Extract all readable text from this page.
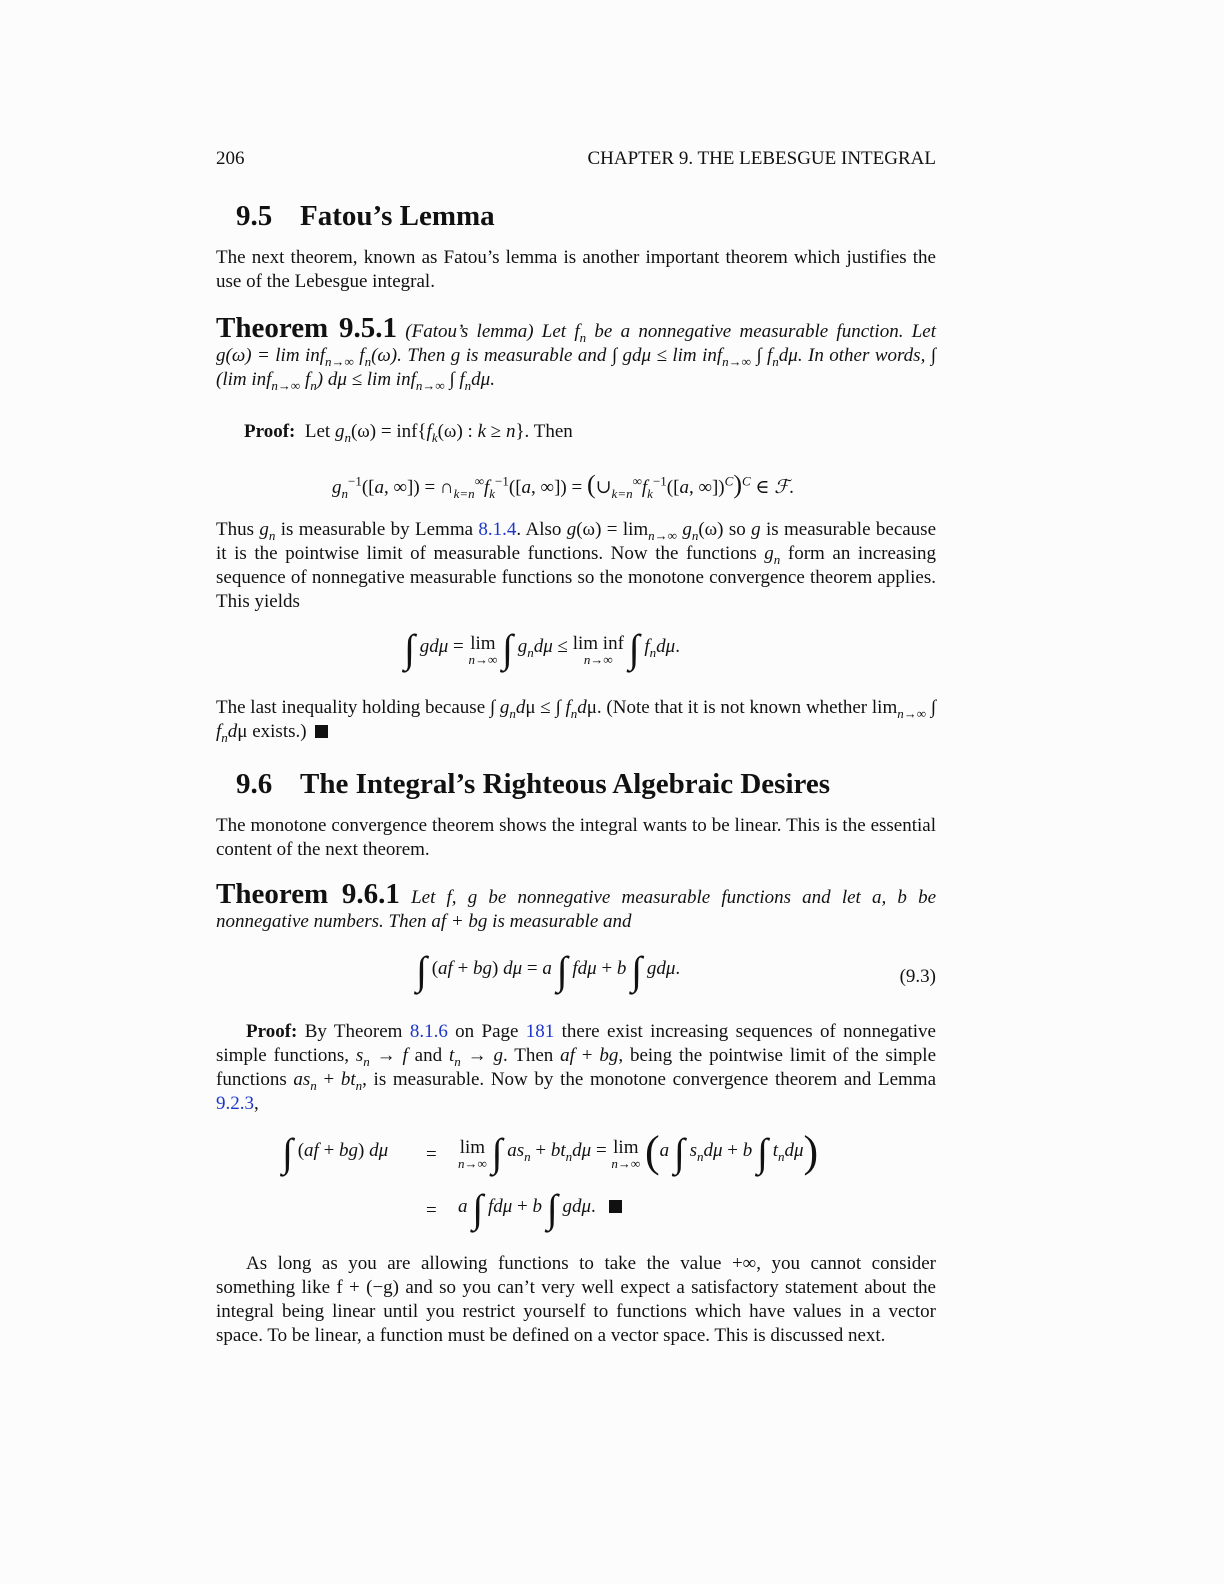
206	CHAPTER 9. THE LEBESGUE INTEGRAL
9.5 Fatou’s Lemma
The next theorem, known as Fatou’s lemma is another important theorem which justifies the use of the Lebesgue integral.
Theorem 9.5.1 (Fatou’s lemma) Let $f_n$ be a nonnegative measurable function. Let g(ω) = lim inf$_{n\to\infty}$ $f_n(\omega)$. Then g is measurable and ∫ gdμ ≤ lim inf$_{n\to\infty}$ ∫ $f_nd\mu$. In other words, ∫ (lim inf$_{n\to\infty}$ $f_n$) dμ ≤ lim inf$_{n\to\infty}$ ∫ $f_nd\mu$.
Proof:  Let $g_n(\omega) = inf\{f_k(\omega)$ : k ≥ n}. Then
$g_n^{-1}([a$, ∞]) = $\cap_{k=n}^\infty f_k^{-1}([a$, ∞]) = ($\cup_{k=n}^\infty f_k^{-1}([a$, ∞])$^C$)$^C$ ∈ ℱ.
Thus $g_n$ is measurable by Lemma 8.1.4. Also $g(\omega) = \lim_{n\to\infty} g_n(\omega)$ so g is measurable because it is the pointwise limit of measurable functions. Now the functions $g_n$ form an increasing sequence of nonnegative measurable functions so the monotone convergence theorem applies. This yields
∫ gdμ = lim
n→∞ ∫ $g_nd\mu \le \lim$ inf
n→∞ ∫ $f_nd\mu$.
The last inequality holding because ∫ $g_nd\mu$ ≤ ∫ $f_nd\mu$. (Note that it is not known whether $\lim_{n\to\infty}$ ∫ $f_nd\mu$ exists.)
9.6 The Integral’s Righteous Algebraic Desires
The monotone convergence theorem shows the integral wants to be linear. This is the essential content of the next theorem.
Theorem 9.6.1 Let f, g be nonnegative measurable functions and let a, b be nonnegative numbers. Then af + bg is measurable and
∫ (af + bg) dμ = a ∫ fdμ + b ∫ gdμ.	(9.3)
Proof: By Theorem 8.1.6 on Page 181 there exist increasing sequences of nonnegative simple functions, $s_n \to f$ and $t_n \to g$. Then af + bg, being the pointwise limit of the simple functions $as_n + bt_n$, is measurable. Now by the monotone convergence theorem and Lemma 9.2.3,
∫ (af + bg) dμ = lim
n→∞ ∫ $as_n + bt_nd\mu = \lim$
n→∞ (a ∫ $s_nd\mu + b$ ∫ $t_nd\mu$)
= a ∫ fdμ + b ∫ gdμ.
As long as you are allowing functions to take the value +∞, you cannot consider something like f + (−g) and so you can’t very well expect a satisfactory statement about the integral being linear until you restrict yourself to functions which have values in a vector space. To be linear, a function must be defined on a vector space. This is discussed next.
